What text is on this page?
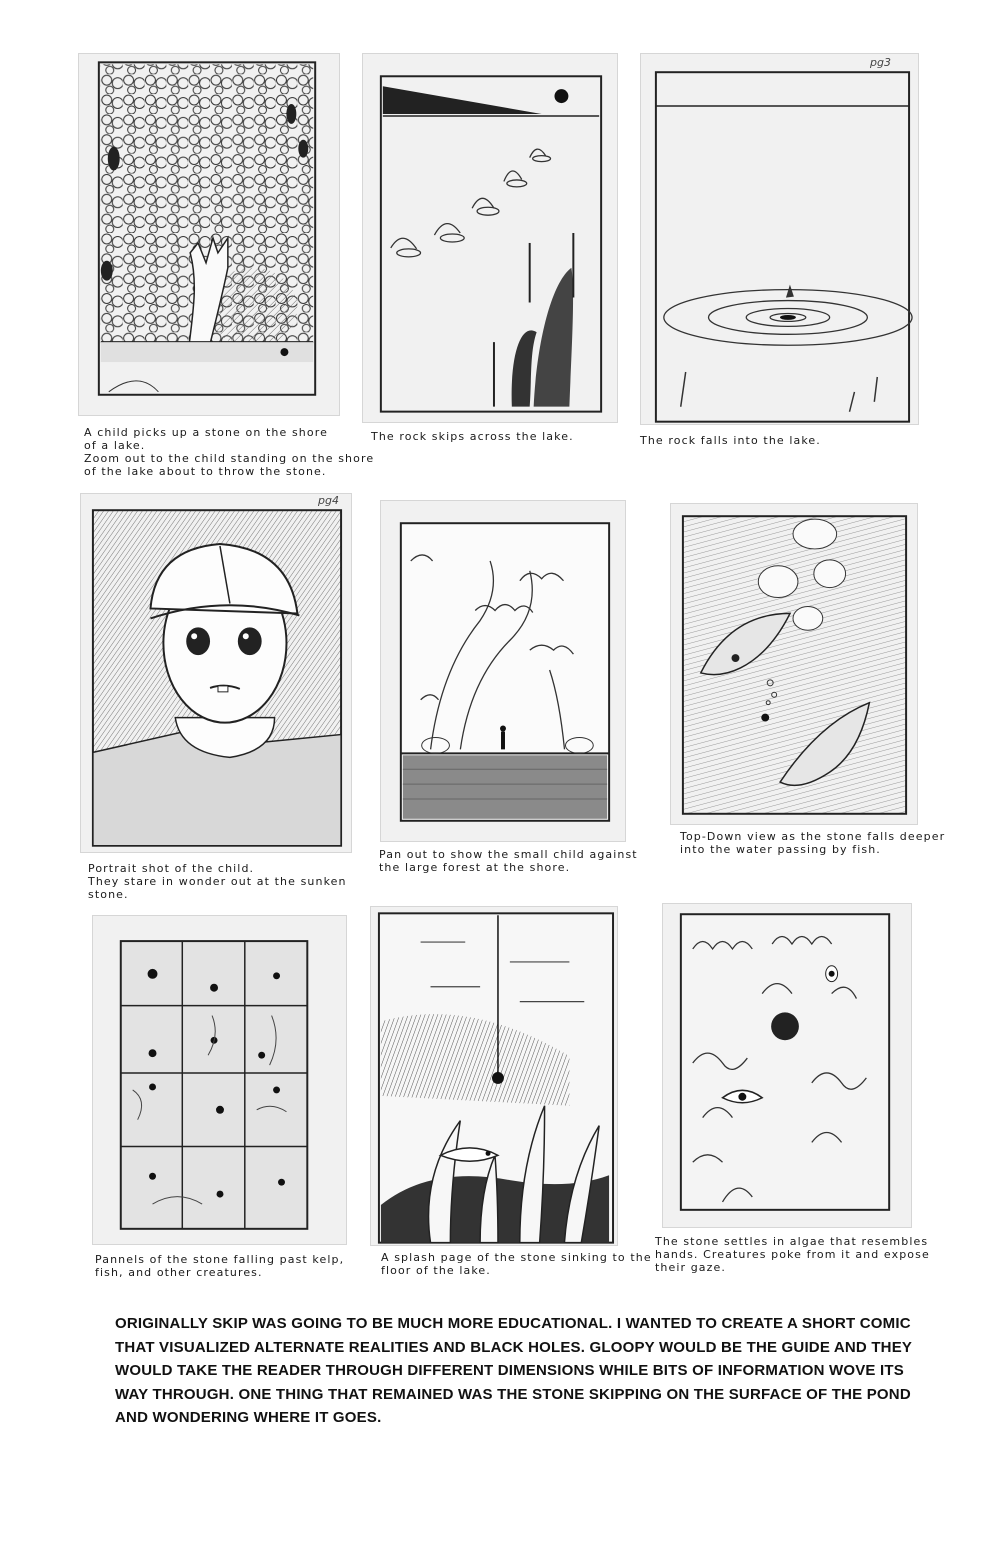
A child picks up a stone on the shore
of a lake.
Zoom out to the child standing on the shore
of the lake about to throw the stone.
The rock skips across the lake.
pg3
The rock falls into the lake.
pg4
Portrait shot of the child.
They stare in wonder out at the sunken
stone.
Pan out to show the small child against
the large forest at the shore.
Top-Down view as the stone falls deeper
into the water passing by fish.
Pannels of the stone falling past kelp,
fish, and other creatures.
A splash page of the stone sinking to the
floor of the lake.
The stone settles in algae that resembles
hands. Creatures poke from it and expose
their gaze.
ORIGINALLY SKIP WAS GOING TO BE MUCH MORE EDUCATIONAL. I WANTED TO CREATE A SHORT COMIC THAT VISUALIZED ALTERNATE REALITIES AND BLACK HOLES. GLOOPY WOULD BE THE GUIDE AND THEY WOULD TAKE THE READER THROUGH DIFFERENT DIMENSIONS WHILE BITS OF INFORMATION WOVE ITS WAY THROUGH. ONE THING THAT REMAINED WAS THE STONE SKIPPING ON THE SURFACE OF THE POND AND WONDERING WHERE IT GOES.
